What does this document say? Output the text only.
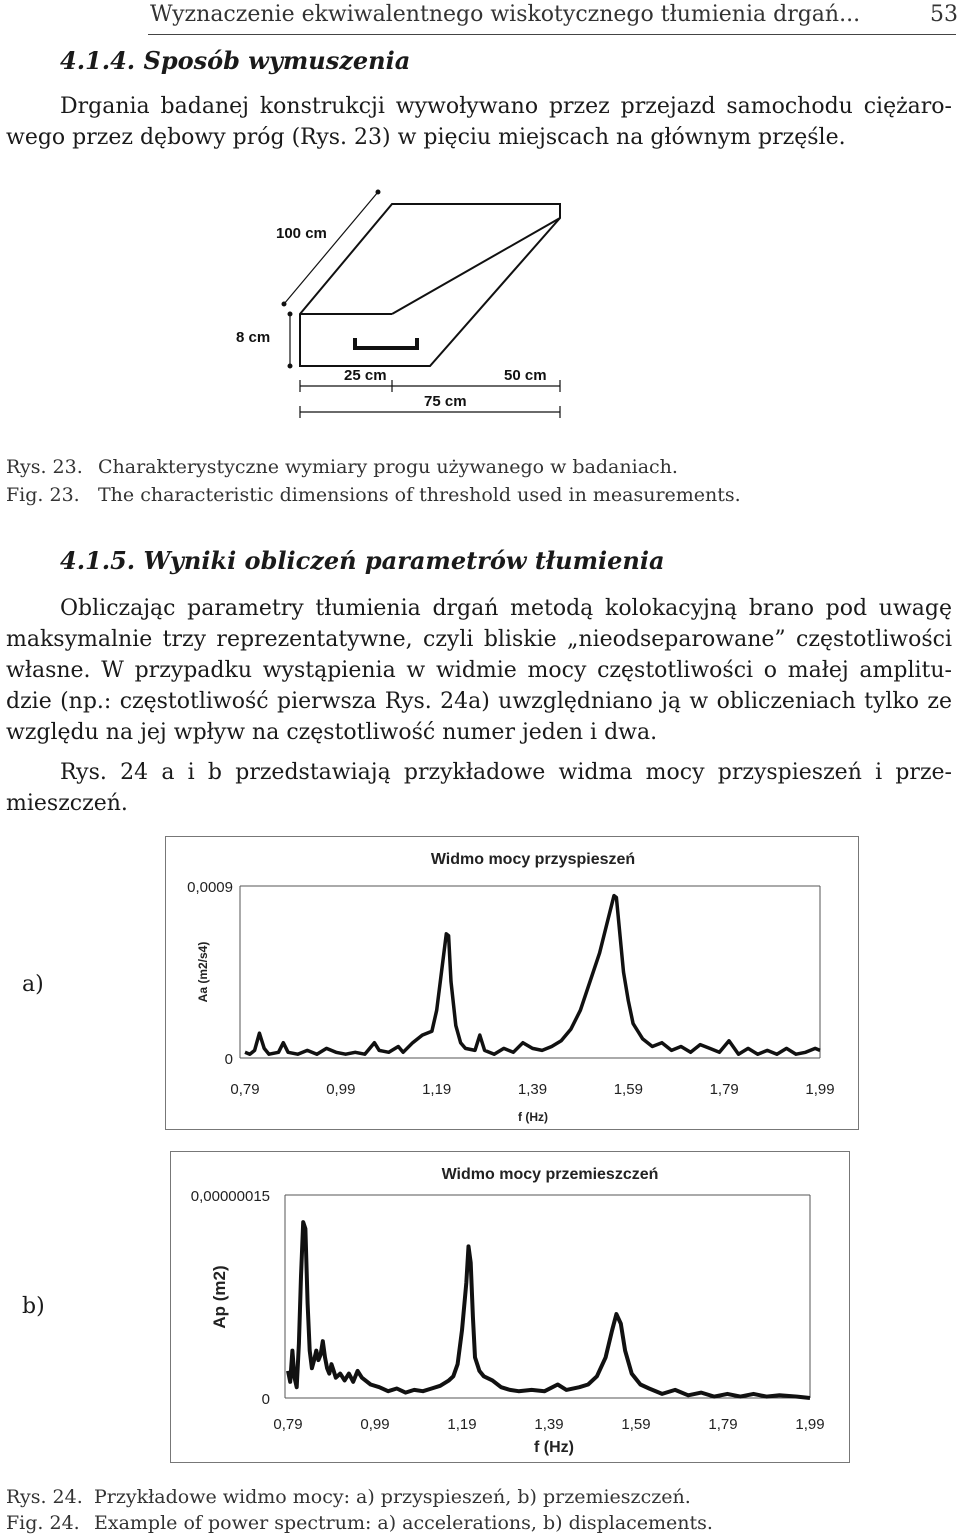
Wyznaczenie ekwiwalentnego wiskotycznego tłumienia drgań...	53
4.1.4. Sposób wymuszenia
Drgania badanej konstrukcji wywoływano przez przejazd samochodu ciężaro-
wego przez dębowy próg (Rys. 23) w pięciu miejscach na głównym przęśle.
100 cm
8 cm
25 cm	50 cm
75 cm
Rys. 23. Charakterystyczne wymiary progu używanego w badaniach.
Fig. 23. The characteristic dimensions of threshold used in measurements.
4.1.5. Wyniki obliczeń parametrów tłumienia
Obliczając parametry tłumienia drgań metodą kolokacyjną brano pod uwagę
maksymalnie trzy reprezentatywne, czyli bliskie „nieodseparowane” częstotliwości
własne. W przypadku wystąpienia w widmie mocy częstotliwości o małej amplitu-
dzie (np.: częstotliwość pierwsza Rys. 24a) uwzględniano ją w obliczeniach tylko ze
względu na jej wpływ na częstotliwość numer jeden i dwa.
Rys. 24 a i b przedstawiają przykładowe widma mocy przyspieszeń i prze-
mieszczeń.
a)
b)
Widmo mocy przyspieszeń
0,0009
0
Aa (m2/s4)
f (Hz)
0,79	0,99	1,19	1,39	1,59	1,79	1,99
Widmo mocy przemieszczeń
0,00000015
0
Ap (m2)
f (Hz)
0,79	0,99	1,19	1,39	1,59	1,79	1,99
Rys. 24. Przykładowe widmo mocy: a) przyspieszeń, b) przemieszczeń.
Fig. 24. Example of power spectrum: a) accelerations, b) displacements.
